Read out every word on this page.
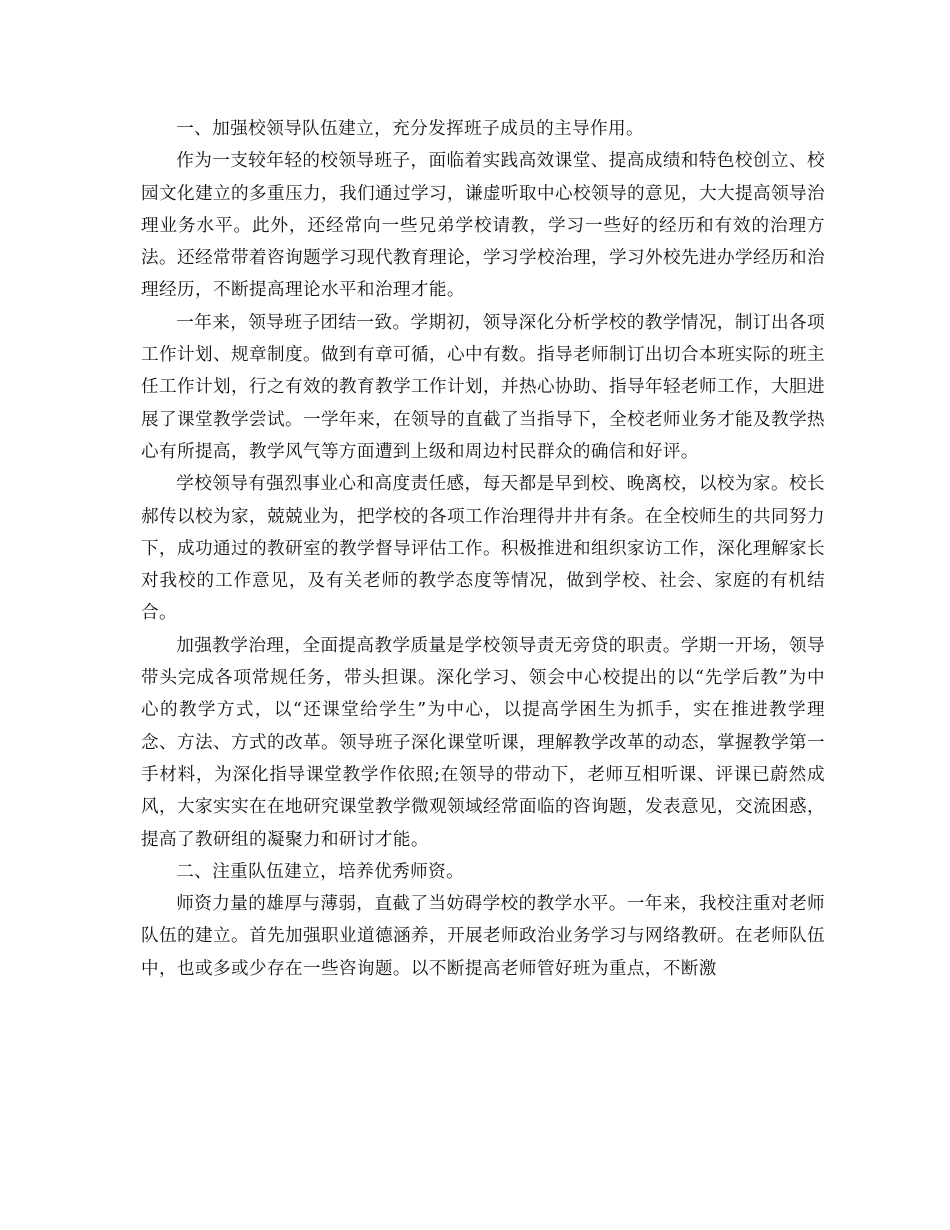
一、加强校领导队伍建立，充分发挥班子成员的主导作用。

作为一支较年轻的校领导班子，面临着实践高效课堂、提高成绩和特色校创立、校园文化建立的多重压力，我们通过学习，谦虚听取中心校领导的意见，大大提高领导治理业务水平。此外，还经常向一些兄弟学校请教，学习一些好的经历和有效的治理方法。还经常带着咨询题学习现代教育理论，学习学校治理，学习外校先进办学经历和治理经历，不断提高理论水平和治理才能。

一年来，领导班子团结一致。学期初，领导深化分析学校的教学情况，制订出各项工作计划、规章制度。做到有章可循，心中有数。指导老师制订出切合本班实际的班主任工作计划，行之有效的教育教学工作计划，并热心协助、指导年轻老师工作，大胆进展了课堂教学尝试。一学年来，在领导的直截了当指导下，全校老师业务才能及教学热心有所提高，教学风气等方面遭到上级和周边村民群众的确信和好评。

学校领导有强烈事业心和高度责任感，每天都是早到校、晚离校，以校为家。校长郝传以校为家，兢兢业为，把学校的各项工作治理得井井有条。在全校师生的共同努力下，成功通过的教研室的教学督导评估工作。积极推进和组织家访工作，深化理解家长对我校的工作意见，及有关老师的教学态度等情况，做到学校、社会、家庭的有机结合。

加强教学治理，全面提高教学质量是学校领导责无旁贷的职责。学期一开场，领导带头完成各项常规任务，带头担课。深化学习、领会中心校提出的以“先学后教”为中心的教学方式，以“还课堂给学生”为中心，以提高学困生为抓手，实在推进教学理念、方法、方式的改革。领导班子深化课堂听课，理解教学改革的动态，掌握教学第一手材料，为深化指导课堂教学作依照;在领导的带动下，老师互相听课、评课已蔚然成风，大家实实在在地研究课堂教学微观领域经常面临的咨询题，发表意见，交流困惑，提高了教研组的凝聚力和研讨才能。

二、注重队伍建立，培养优秀师资。

师资力量的雄厚与薄弱，直截了当妨碍学校的教学水平。一年来，我校注重对老师队伍的建立。首先加强职业道德涵养，开展老师政治业务学习与网络教研。在老师队伍中，也或多或少存在一些咨询题。以不断提高老师管好班为重点，不断激
